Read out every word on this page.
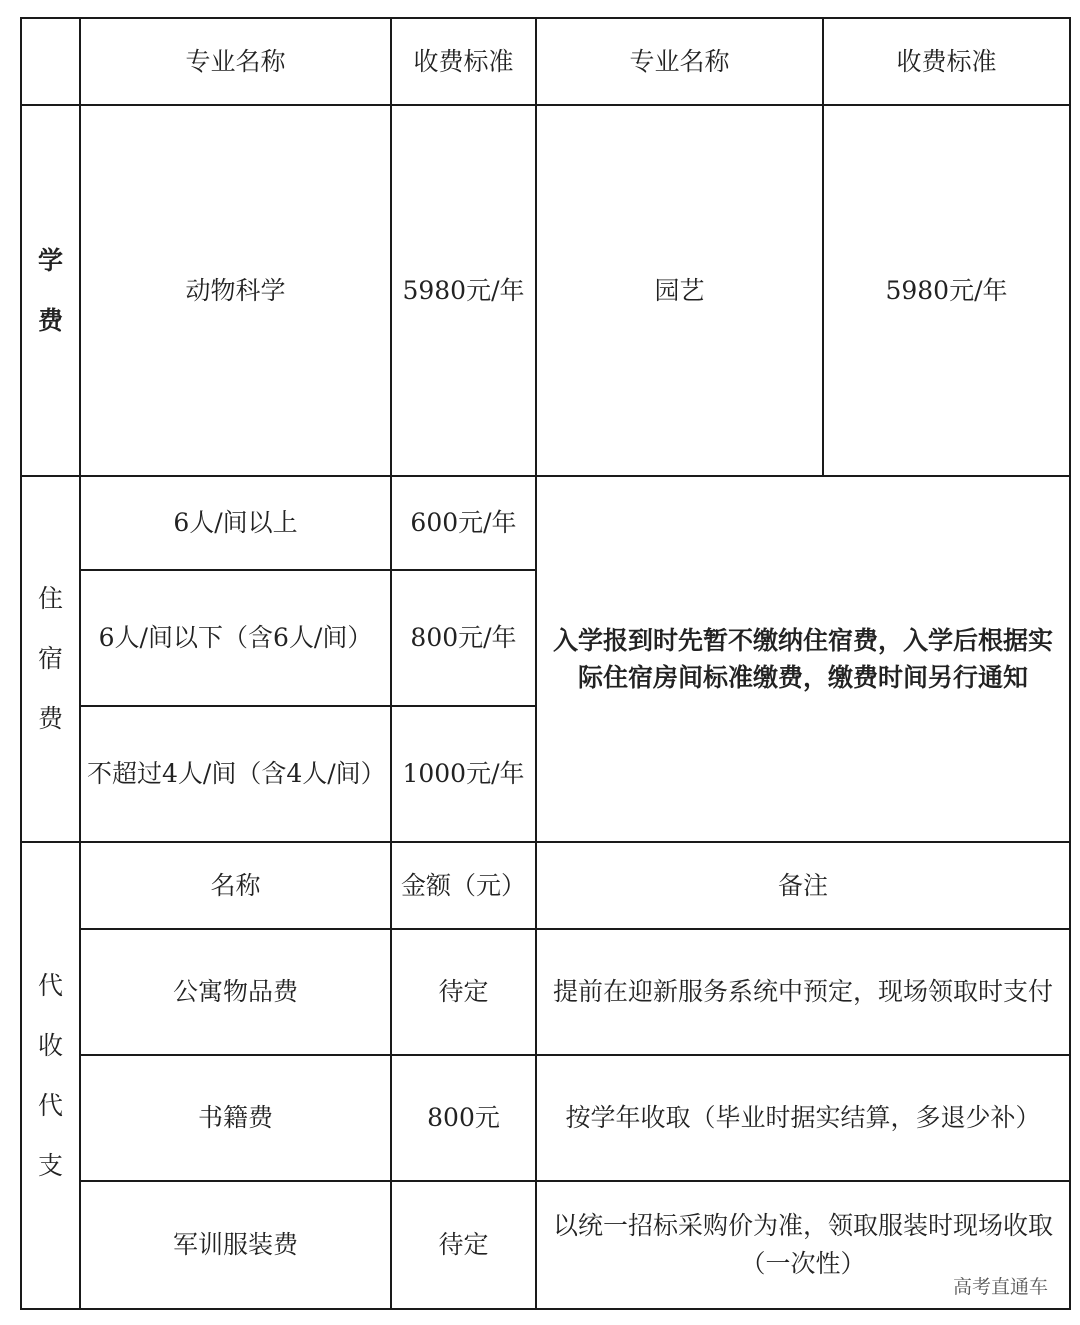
	专业名称	收费标准	专业名称	收费标准

学
费	动物科学	5980元/年	园艺	5980元/年

住
宿
费	6人/间以上	600元/年	入学报到时先暂不缴纳住宿费，入学后根据实际住宿房间标准缴费，缴费时间另行通知	
	6人/间以下（含6人/间）	800元/年		
	不超过4人/间（含4人/间）	1000元/年		

代
收
代
支	名称	金额（元）	备注	
	公寓物品费	待定	提前在迎新服务系统中预定，现场领取时支付	
	书籍费	800元	按学年收取（毕业时据实结算，多退少补）	
	军训服装费	待定	以统一招标采购价为准，领取服装时现场收取（一次性）	
高考直通车
